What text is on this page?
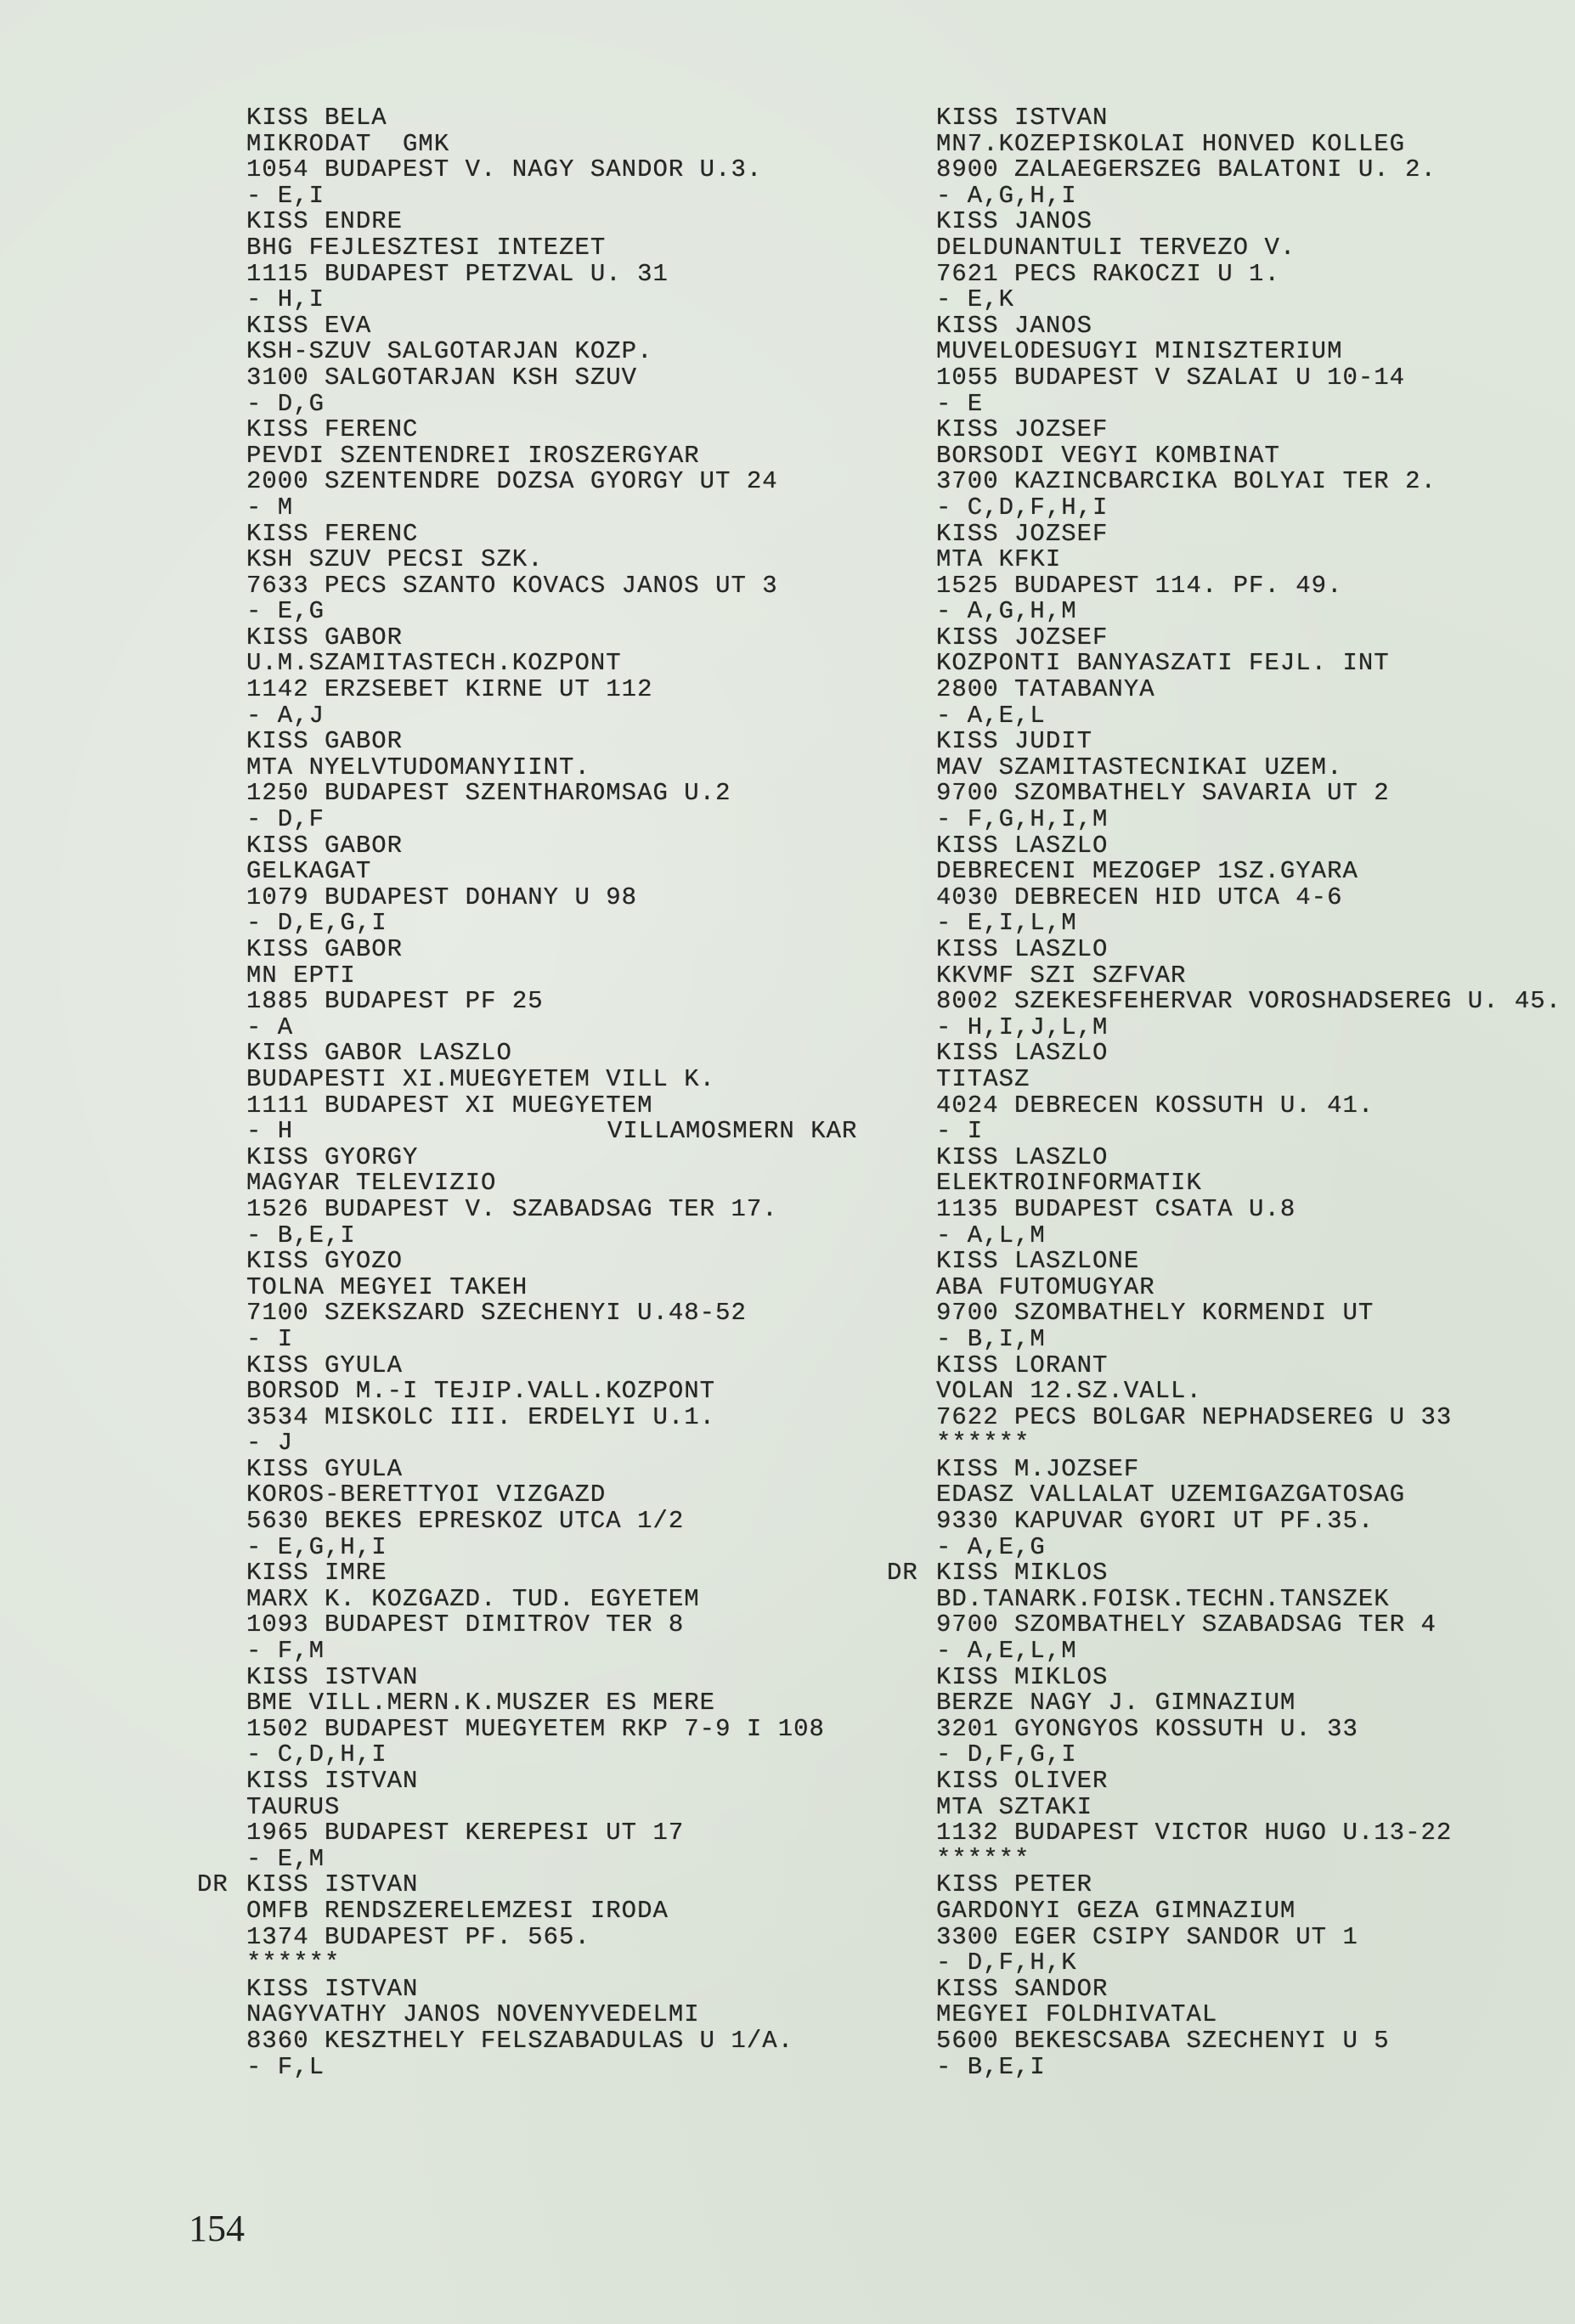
KISS BELA
MIKRODAT  GMK
1054 BUDAPEST V. NAGY SANDOR U.3.
- E,I
KISS ENDRE
BHG FEJLESZTESI INTEZET
1115 BUDAPEST PETZVAL U. 31
- H,I
KISS EVA
KSH-SZUV SALGOTARJAN KOZP.
3100 SALGOTARJAN KSH SZUV
- D,G
KISS FERENC
PEVDI SZENTENDREI IROSZERGYAR
2000 SZENTENDRE DOZSA GYORGY UT 24
- M
KISS FERENC
KSH SZUV PECSI SZK.
7633 PECS SZANTO KOVACS JANOS UT 3
- E,G
KISS GABOR
U.M.SZAMITASTECH.KOZPONT
1142 ERZSEBET KIRNE UT 112
- A,J
KISS GABOR
MTA NYELVTUDOMANYIINT.
1250 BUDAPEST SZENTHAROMSAG U.2
- D,F
KISS GABOR
GELKAGAT
1079 BUDAPEST DOHANY U 98
- D,E,G,I
KISS GABOR
MN EPTI
1885 BUDAPEST PF 25
- A
KISS GABOR LASZLO
BUDAPESTI XI.MUEGYETEM VILL K.
1111 BUDAPEST XI MUEGYETEM
- H	VILLAMOSMERN KAR
KISS GYORGY
MAGYAR TELEVIZIO
1526 BUDAPEST V. SZABADSAG TER 17.
- B,E,I
KISS GYOZO
TOLNA MEGYEI TAKEH
7100 SZEKSZARD SZECHENYI U.48-52
- I
KISS GYULA
BORSOD M.-I TEJIP.VALL.KOZPONT
3534 MISKOLC III. ERDELYI U.1.
- J
KISS GYULA
KOROS-BERETTYOI VIZGAZD
5630 BEKES EPRESKOZ UTCA 1/2
- E,G,H,I
KISS IMRE
MARX K. KOZGAZD. TUD. EGYETEM
1093 BUDAPEST DIMITROV TER 8
- F,M
KISS ISTVAN
BME VILL.MERN.K.MUSZER ES MERE
1502 BUDAPEST MUEGYETEM RKP 7-9 I 108
- C,D,H,I
KISS ISTVAN
TAURUS
1965 BUDAPEST KEREPESI UT 17
- E,M
DR KISS ISTVAN
OMFB RENDSZERELEMZESI IRODA
1374 BUDAPEST PF. 565.
******
KISS ISTVAN
NAGYVATHY JANOS NOVENYVEDELMI
8360 KESZTHELY FELSZABADULAS U 1/A.
- F,L
KISS ISTVAN
MN7.KOZEPISKOLAI HONVED KOLLEG
8900 ZALAEGERSZEG BALATONI U. 2.
- A,G,H,I
KISS JANOS
DELDUNANTULI TERVEZO V.
7621 PECS RAKOCZI U 1.
- E,K
KISS JANOS
MUVELODESUGYI MINISZTERIUM
1055 BUDAPEST V SZALAI U 10-14
- E
KISS JOZSEF
BORSODI VEGYI KOMBINAT
3700 KAZINCBARCIKA BOLYAI TER 2.
- C,D,F,H,I
KISS JOZSEF
MTA KFKI
1525 BUDAPEST 114. PF. 49.
- A,G,H,M
KISS JOZSEF
KOZPONTI BANYASZATI FEJL. INT
2800 TATABANYA
- A,E,L
KISS JUDIT
MAV SZAMITASTECNIKAI UZEM.
9700 SZOMBATHELY SAVARIA UT 2
- F,G,H,I,M
KISS LASZLO
DEBRECENI MEZOGEP 1SZ.GYARA
4030 DEBRECEN HID UTCA 4-6
- E,I,L,M
KISS LASZLO
KKVMF SZI SZFVAR
8002 SZEKESFEHERVAR VOROSHADSEREG U. 45.
- H,I,J,L,M
KISS LASZLO
TITASZ
4024 DEBRECEN KOSSUTH U. 41.
- I
KISS LASZLO
ELEKTROINFORMATIK
1135 BUDAPEST CSATA U.8
- A,L,M
KISS LASZLONE
ABA FUTOMUGYAR
9700 SZOMBATHELY KORMENDI UT
- B,I,M
KISS LORANT
VOLAN 12.SZ.VALL.
7622 PECS BOLGAR NEPHADSEREG U 33
******
KISS M.JOZSEF
EDASZ VALLALAT UZEMIGAZGATOSAG
9330 KAPUVAR GYORI UT PF.35.
- A,E,G
DR KISS MIKLOS
BD.TANARK.FOISK.TECHN.TANSZEK
9700 SZOMBATHELY SZABADSAG TER 4
- A,E,L,M
KISS MIKLOS
BERZE NAGY J. GIMNAZIUM
3201 GYONGYOS KOSSUTH U. 33
- D,F,G,I
KISS OLIVER
MTA SZTAKI
1132 BUDAPEST VICTOR HUGO U.13-22
******
KISS PETER
GARDONYI GEZA GIMNAZIUM
3300 EGER CSIPY SANDOR UT 1
- D,F,H,K
KISS SANDOR
MEGYEI FOLDHIVATAL
5600 BEKESCSABA SZECHENYI U 5
- B,E,I
154
